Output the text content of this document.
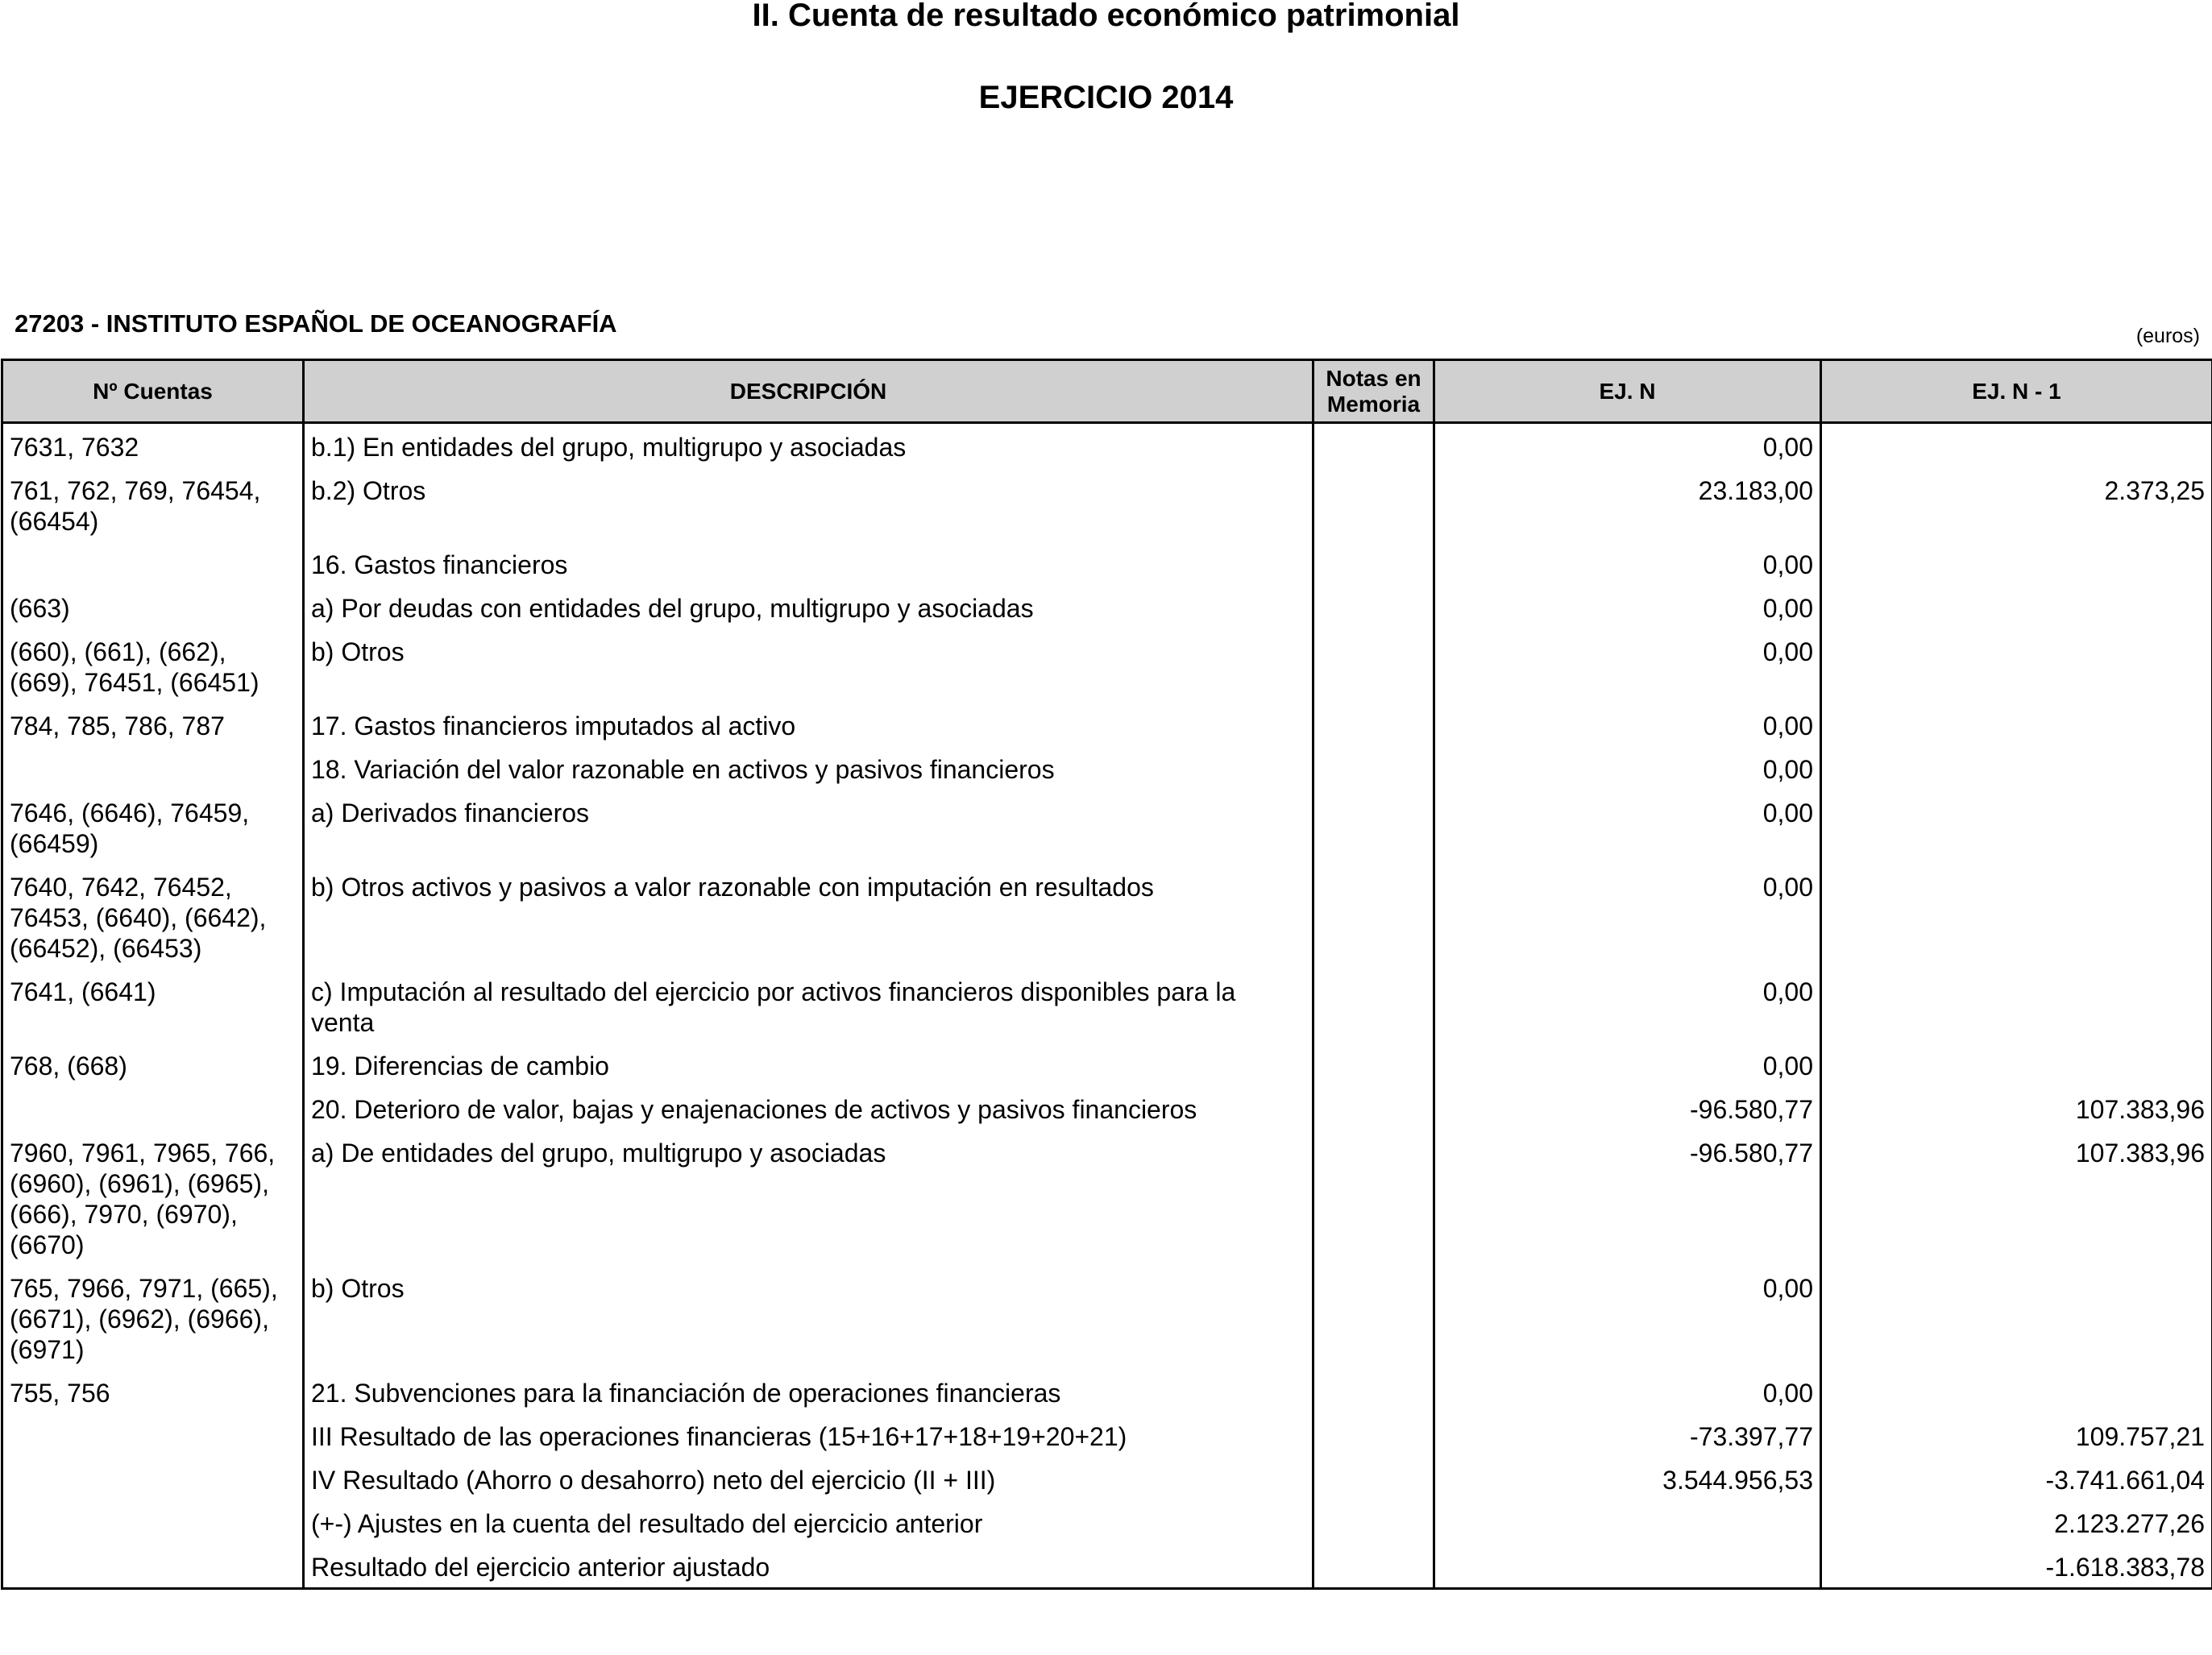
II. Cuenta de resultado económico patrimonial
EJERCICIO 2014
27203 - INSTITUTO ESPAÑOL DE OCEANOGRAFÍA	(euros)
Nº Cuentas	DESCRIPCIÓN	Notas en Memoria	EJ. N	EJ. N - 1
7631, 7632	b.1) En entidades del grupo, multigrupo y asociadas		0,00	
761, 762, 769, 76454, (66454)	b.2) Otros		23.183,00	2.373,25
	16. Gastos financieros		0,00	
(663)	a) Por deudas con entidades del grupo, multigrupo y asociadas		0,00	
(660), (661), (662), (669), 76451, (66451)	b) Otros		0,00	
784, 785, 786, 787	17. Gastos financieros imputados al activo		0,00	
	18. Variación del valor razonable en activos y pasivos financieros		0,00	
7646, (6646), 76459, (66459)	a) Derivados financieros		0,00	
7640, 7642, 76452, 76453, (6640), (6642), (66452), (66453)	b) Otros activos y pasivos a valor razonable con imputación en resultados		0,00	
7641, (6641)	c) Imputación al resultado del ejercicio por activos financieros disponibles para la venta		0,00	
768, (668)	19. Diferencias de cambio		0,00	
	20. Deterioro de valor, bajas y enajenaciones de activos y pasivos financieros		-96.580,77	107.383,96
7960, 7961, 7965, 766, (6960), (6961), (6965), (666), 7970, (6970), (6670)	a) De entidades del grupo, multigrupo y asociadas		-96.580,77	107.383,96
765, 7966, 7971, (665), (6671), (6962), (6966), (6971)	b) Otros		0,00	
755, 756	21. Subvenciones para la financiación de operaciones financieras		0,00	
	III Resultado de las operaciones financieras (15+16+17+18+19+20+21)		-73.397,77	109.757,21
	IV Resultado (Ahorro o desahorro) neto del ejercicio (II + III)		3.544.956,53	-3.741.661,04
	(+-) Ajustes en la cuenta del resultado del ejercicio anterior			2.123.277,26
	Resultado del ejercicio anterior ajustado			-1.618.383,78
